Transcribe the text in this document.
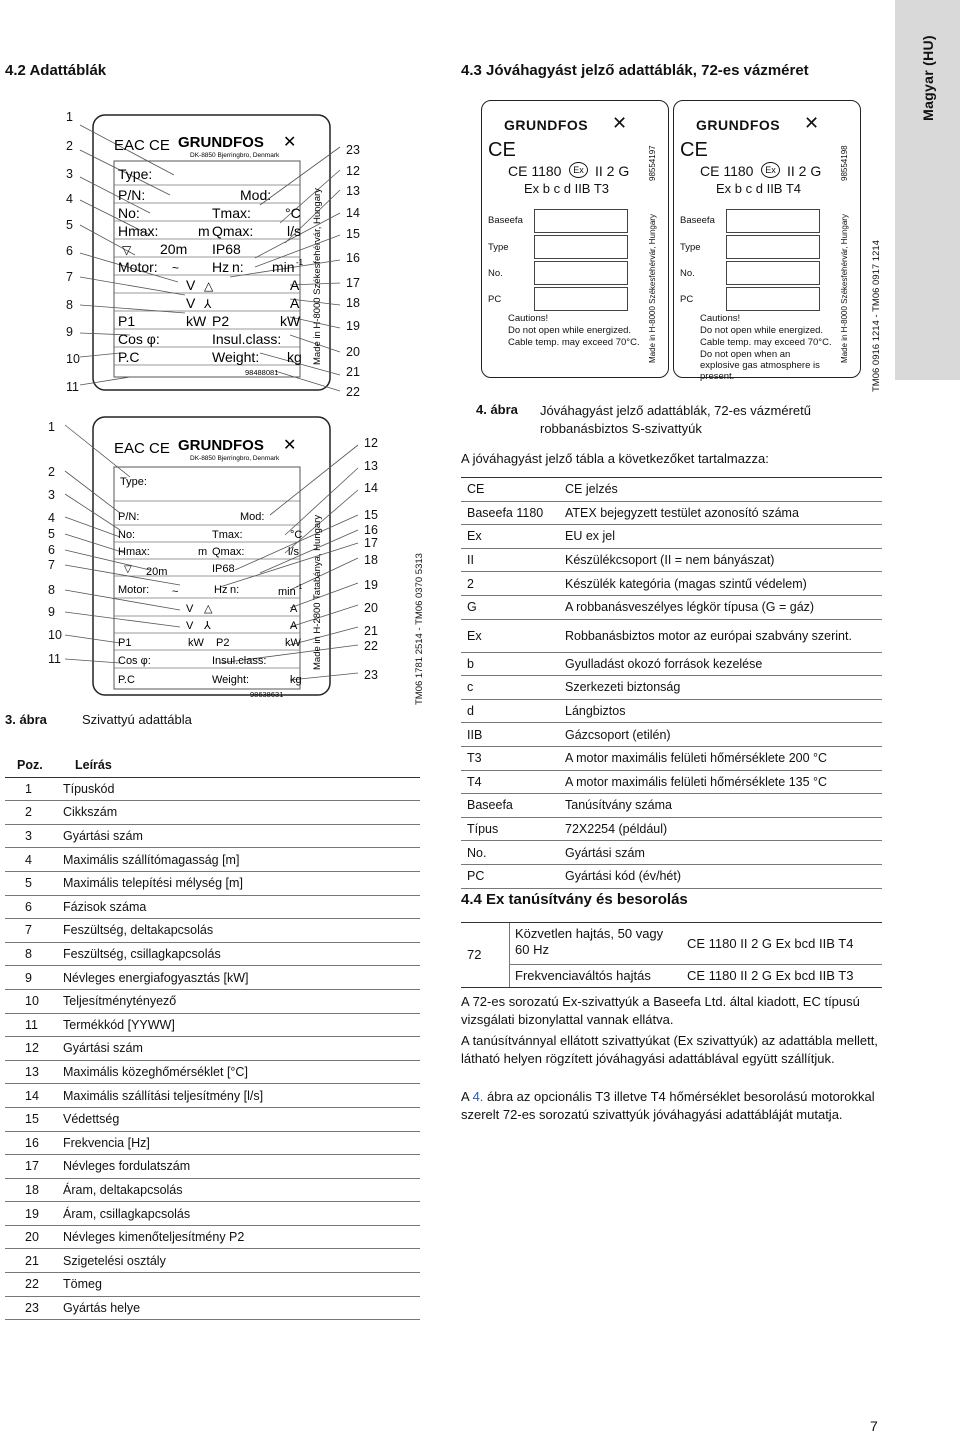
Magyar (HU)
4.2 Adattáblák	4.3 Jóváhagyást jelző adattáblák, 72-es vázméret
EAC CE GRUNDFOS
DK-8850 Bjerringbro, Denmark
✕
Type:
P/N:	Mod:
No:	Tmax: °C
Hmax:	m Qmax: l/s
▽ 20m IP68
Motor: ~ Hz n: min -1
V △	A
V ⅄	A
P1	kW P2	kW
Cos φ:	Insul.class:
P.C	Weight: kg
98488081
Made in H-8000 Székesfehérvár, Hungary
1
2
3
4
5
6
7
8
9
10
11
23
12
13
14
15
16
17
18
19
20
21
22
EAC CE GRUNDFOS
DK-8850 Bjerringbro, Denmark
✕
Type:
P/N:	Mod:
No:	Tmax:	°C
Hmax:	m Qmax:	l/s
▽ 20m	IP68
Motor: ~	Hz n:	min -1
V △	A
V ⅄	A
P1	kW P2	kW
Cos φ:	Insul.class:
P.C	Weight:	kg
98638631
Made in H-2800 Tatabánya, Hungary
1
2
3
4
5
6
7
8
9
10
11
12
13
14
15
16
17
18
19
20
21
22
23
3. ábra	Szivattyú adattábla
TM06 1781 2514 - TM06 0370 5313
Poz.	Leírás
1	Típuskód
2	Cikkszám
3	Gyártási szám
4	Maximális szállítómagasság [m]
5	Maximális telepítési mélység [m]
6	Fázisok száma
7	Feszültség, deltakapcsolás
8	Feszültség, csillagkapcsolás
9	Névleges energiafogyasztás [kW]
10	Teljesítménytényező
11	Termékkód [YYWW]
12	Gyártási szám
13	Maximális közeghőmérséklet [°C]
14	Maximális szállítási teljesítmény [l/s]
15	Védettség
16	Frekvencia [Hz]
17	Névleges fordulatszám
18	Áram, deltakapcsolás
19	Áram, csillagkapcsolás
20	Névleges kimenőteljesítmény P2
21	Szigetelési osztály
22	Tömeg
23	Gyártás helye
GRUNDFOS ✕
C​E
CE 1180	Ex II 2 G
Ex b c d IIB T3
Baseefa
Type
No.
PC
Cautions!
Do not open while energized.
Cable temp. may exceed 70°C. Made in H-8000 Székesfehérvár, Hungary
98554197
GRUNDFOS ✕
C​E
CE 1180	Ex II 2 G
Ex b c d IIB T4
Baseefa
Type
No.
PC
Cautions!
Do not open while energized.
Cable temp. may exceed 70°C.
Do not open when an explosive gas atmosphere is present.
Made in H-8000 Székesfehérvár, Hungary
98554198
TM06 0916 1214 - TM06 0917 1214
4. ábra Jóváhagyást jelző adattáblák, 72-es vázméretű robbanásbiztos S-szivattyúk
A jóváhagyást jelző tábla a következőket tartalmazza:
CE	CE jelzés
Baseefa 1180	ATEX bejegyzett testület azonosító száma
Ex	EU ex jel
II	Készülékcsoport (II = nem bányászat)
2	Készülék kategória (magas szintű védelem)
G	A robbanásveszélyes légkör típusa (G = gáz)
Ex	Robbanásbiztos motor az európai szabvány szerint.
b	Gyulladást okozó források kezelése
c	Szerkezeti biztonság
d	Lángbiztos
IIB	Gázcsoport (etilén)
T3	A motor maximális felületi hőmérséklete 200 °C
T4	A motor maximális felületi hőmérséklete 135 °C
Baseefa	Tanúsítvány száma
Típus	72X2254 (például)
No.	Gyártási szám
PC	Gyártási kód (év/hét)
4.4 Ex tanúsítvány és besorolás
72
Közvetlen hajtás, 50 vagy 60 Hz	CE 1180 II 2 G Ex bcd IIB T4
Frekvenciaváltós hajtás	CE 1180 II 2 G Ex bcd IIB T3
A 72-es sorozatú Ex-szivattyúk a Baseefa Ltd. által kiadott, EC típusú vizsgálati bizonylattal vannak ellátva.
A tanúsítvánnyal ellátott szivattyúkat (Ex szivattyúk) az adattábla mellett, látható helyen rögzített jóváhagyási adattáblával együtt szállítjuk.
A 4. ábra az opcionális T3 illetve T4 hőmérséklet besorolású motorokkal szerelt 72-es sorozatú szivattyúk jóváhagyási adattábláját mutatja.
7
